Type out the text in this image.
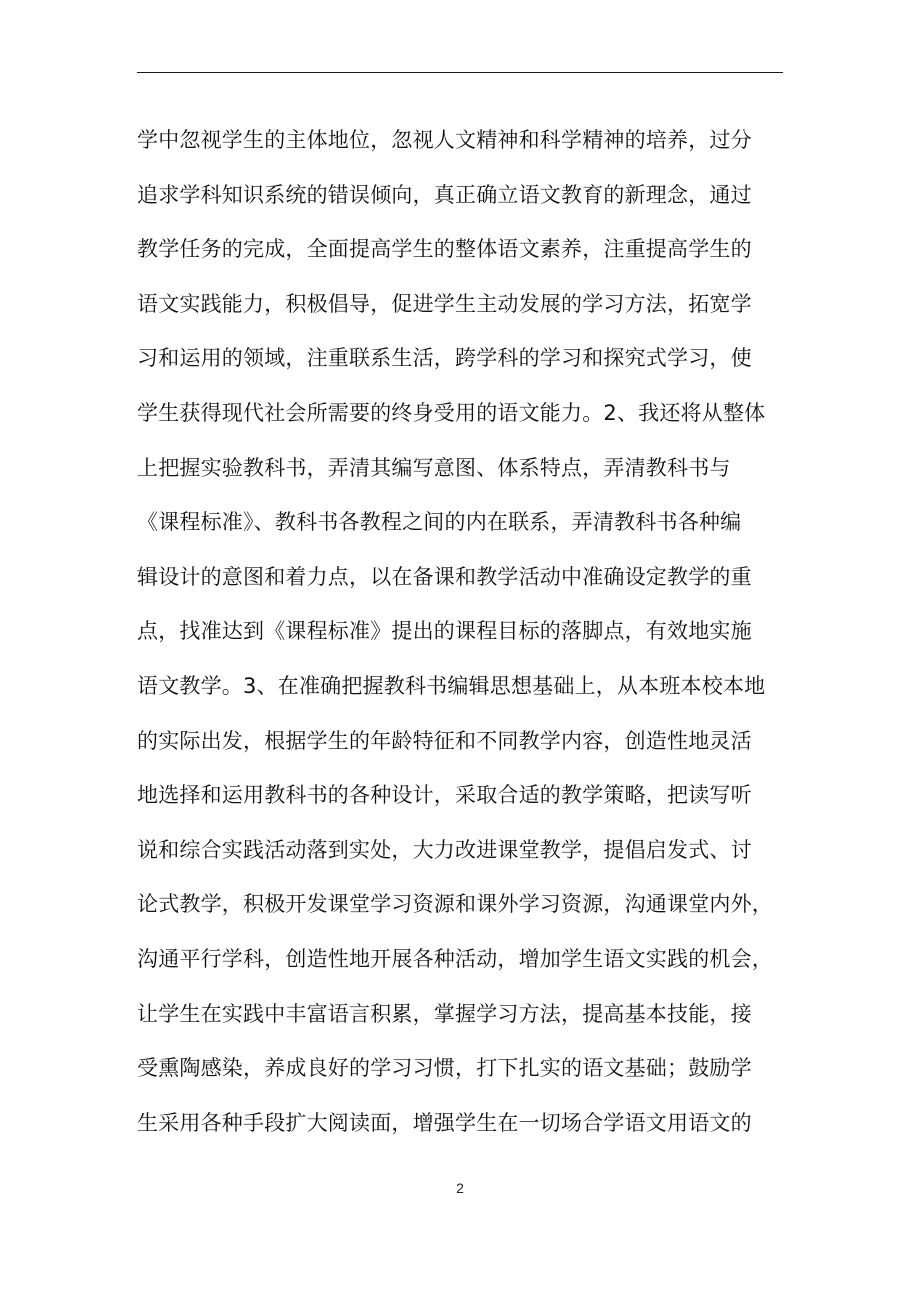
学中忽视学生的主体地位，忽视人文精神和科学精神的培养，过分
追求学科知识系统的错误倾向，真正确立语文教育的新理念，通过
教学任务的完成，全面提高学生的整体语文素养，注重提高学生的
语文实践能力，积极倡导，促进学生主动发展的学习方法，拓宽学
习和运用的领域，注重联系生活，跨学科的学习和探究式学习，使
学生获得现代社会所需要的终身受用的语文能力。2、我还将从整体
上把握实验教科书，弄清其编写意图、体系特点，弄清教科书与
《课程标准》、教科书各教程之间的内在联系，弄清教科书各种编
辑设计的意图和着力点，以在备课和教学活动中准确设定教学的重
点，找准达到《课程标准》提出的课程目标的落脚点，有效地实施
语文教学。3、在准确把握教科书编辑思想基础上，从本班本校本地
的实际出发，根据学生的年龄特征和不同教学内容，创造性地灵活
地选择和运用教科书的各种设计，采取合适的教学策略，把读写听
说和综合实践活动落到实处，大力改进课堂教学，提倡启发式、讨
论式教学，积极开发课堂学习资源和课外学习资源，沟通课堂内外，
沟通平行学科，创造性地开展各种活动，增加学生语文实践的机会，
让学生在实践中丰富语言积累，掌握学习方法，提高基本技能，接
受熏陶感染，养成良好的学习习惯，打下扎实的语文基础；鼓励学
生采用各种手段扩大阅读面，增强学生在一切场合学语文用语文的
2
